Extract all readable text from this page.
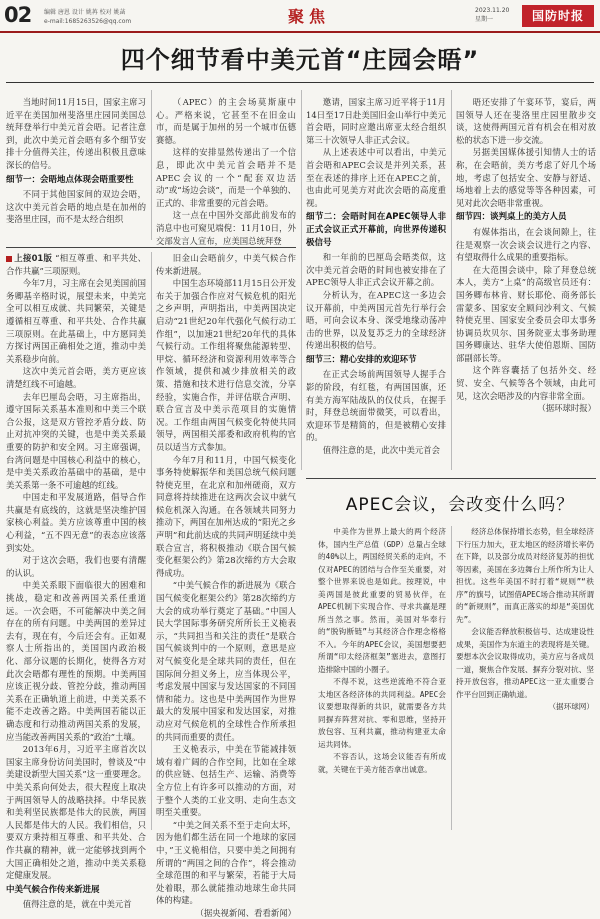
02 编辑 唐恩 设计 姚苒 校对 姚菡
e-mail:1685263526@qq.com	聚焦	2023.11.20
星期一	国防时报
四个细节看中美元首“庄园会晤”

当地时间11月15日，国家主席习近平在美国加州斐洛里庄园同美国总统拜登举行中美元首会晤。记者注意到，此次中美元首会晤有多个细节安排十分值得关注，传递出积极且意味深长的信号。

细节一：会晤地点体现会晤重要性

不同于其他国家间的双边会晤，这次中美元首会晤的地点是在加州的斐洛里庄园，而不是太经合组织

（APEC）的主会场莫斯康中心。严格来说，它甚至不在旧金山市，而是属于加州的另一个城市伍德赛德。

这样的安排显然传递出了一个信息，即此次中美元首会晤并不是APEC会议的一个“配套双边活动”或“场边会谈”，而是一个单独的、正式的、非常重要的元首会晤。

这一点在中国外交部此前发布的消息中也可窥见端倪：11月10日，外交部发言人宣布，应美国总统拜登

邀请，国家主席习近平将于11月14日至17日赴美国旧金山举行中美元首会晤，同时应邀出席亚太经合组织第三十次领导人非正式会议。

从上述表述中可以看出，中美元首会晤和APEC会议是并列关系，甚至在表述的排序上还在APEC之前，也由此可见美方对此次会晤的高度重视。

细节二：会晤时间在APEC领导人非正式会议正式开幕前，向世界传递积极信号

和一年前的巴厘岛会晤类似，这次中美元首会晤的时间也被安排在了APEC领导人非正式会议开幕之前。

分析认为，在APEC这一多边会议开幕前，中美两国元首先行举行会晤，可向会议本身、深受地缘动荡冲击的世界，以及复苏乏力的全球经济传递出积极的信号。

细节三：精心安排的欢迎环节

在正式会场前两国领导人握手合影的阶段，有红毯，有两国国旗，还有美方海军陆战队的仪仗兵，在握手时，拜登总统面带微笑，可以看出，欢迎环节是精简的，但是被精心安排的。

值得注意的是，此次中美元首会

晤还安排了午宴环节，宴后，两国领导人还在斐洛里庄园里散步交谈，这使得两国元首有机会在相对放松的状态下进一步交流。

另据美国媒体援引知情人士的话称，在会晤前，美方考虑了好几个场地，考虑了包括安全、安静与舒适、场地着上去的感觉等等各种因素，可见对此次会晤非常重视。

细节四：谈判桌上的美方人员

有媒体指出，在会谈间隙上，往往是观察一次会谈会议进行之内容、有望取得什么成果的重要指标。

在大范围会谈中，除了拜登总统本人，美方“上桌”的高级官员还有：国务卿布林肯、财长耶伦、商务部长雷蒙多、国家安全顾问沙利文、气候特使克里、国家安全委员会印太事务协调员坎贝尔、国务院亚太事务助理国务卿康达、驻华大使伯恩斯、国防部副部长等。

这个阵容囊括了包括外交、经贸、安全、气候等各个领域，由此可见，这次会晤涉及的内容非常全面。

（据环球时报）

上接01版 “相互尊重、和平共处、合作共赢”三项原则。

今年7月，习主席在会见美国前国务卿基辛格时说，展望未来，中美完全可以相互成就、共同繁荣，关键是遵循相互尊重、和平共处、合作共赢三项原则。在此基础上，中方愿同美方探讨两国正确相处之道，推动中美关系稳步向前。

这次中美元首会晤，美方更应该清楚红线不可逾越。

去年巴厘岛会晤，习主席指出，遵守国际关系基本准则和中美三个联合公报，这是双方管控矛盾分歧、防止对抗冲突的关键，也是中美关系最重要的防护和安全网。习主席强调，台湾问题是中国核心利益中的核心，是中美关系政治基础中的基础，是中美关系第一条不可逾越的红线。

中国走和平发展道路，倡导合作共赢是有底线的，这就是坚决维护国家核心利益。美方应该尊重中国的核心利益，“五不四无意”的表态应该落到实处。

对于这次会晤，我们也要有清醒的认识。

中美关系眼下面临很大的困难和挑战，稳定和改善两国关系任重道远。一次会晤，不可能解决中美之间存在的所有问题。中美两国的差异过去有，现在有，今后还会有。正如观察人士所指出的，美国国内政治极化、部分议题的长期化，使得各方对此次会晤都有理性的预期。中美两国应该正视分歧、管控分歧，推动两国关系在正确轨道上前进，中美关系不能不走改善之路。中美两国若能以正确态度和行动推动两国关系的发展，应当能改善两国关系的“政治”土壤。

2013年6月，习近平主席首次以国家主席身份访问美国时，曾谈及“中美建设新型大国关系”这一重要理念。中美关系向何处去，很大程度上取决于两国领导人的战略抉择。中华民族和美利坚民族都是伟大的民族，两国人民都是伟大的人民。我们相信，只要双方秉持相互尊重、和平共处、合作共赢的精神，就一定能够找到两个大国正确相处之道，推动中美关系稳定健康发展。

中美气候合作传来新进展

值得注意的是，就在中美元首

旧金山会晤前夕，中美气候合作传来新进展。

中国生态环境部11月15日公开发布关于加强合作应对气候危机的阳光之乡声明，声明指出，中美两国决定启动“21世纪20年代强化气候行动工作组”，以加速21世纪20年代的具体气候行动。工作组将聚焦能源转型、甲烷、循环经济和资源利用效率等合作领域，提供和减少排放相关的政策、措施和技术进行信息交流，分享经验，实施合作，并评估联合声明、联合宣言及中美示范项目的实施情况。工作组由两国气候变化特使共同领导，两国相关部委和政府机构的官员以适当方式参加。

今年7月和11月，中国气候变化事务特使解振华和美国总统气候问题特使克里，在北京和加州磋商，双方同意将持续推进在这两次会议中就气候危机深入沟通。在各领域共同努力推动下，两国在加州达成的“阳光之乡声明”和此前达成的共同声明延续中美联合宣言，将积极推动《联合国气候变化框架公约》第28次缔约方大会取得成功。

“中美气候合作的新进展为《联合国气候变化框架公约》第28次缔约方大会的成功举行奠定了基础。”中国人民大学国际事务研究所所长王义桅表示，“共同担当和关注的责任”是联合国气候谈判中的一个原则，意思是应对气候变化是全球共同的责任，但在国际间分担义务上，应当体现公平，考虑发展中国家与发达国家的不同国情和能力。这也是中美两国作为世界最大的发展中国家和发达国家，对推动应对气候危机的全球性合作所承担的共同而重要的责任。

王义桅表示，中美在节能减排领域有着广阔的合作空间，比如在全球的供应链、包括生产、运输、消费等全方位上有许多可以推动的方面，对于整个人类的工业文明、走向生态文明至关重要。

“中美之间关系不至于走向太坏，因为他们都生活在同一个地球的家园中，”王义桅相信，只要中美之间拥有所谓的“两国之间的合作”，将会推动全球范围的和平与繁荣，若能于大局处着眼，那么就能推动地球生命共同体的构建。

（据央视新闻、看看新闻）

APEC会议，会改变什么吗？

中美作为世界上最大的两个经济体，国内生产总值（GDP）总量占全球的40%以上，两国经贸关系的走向，不仅对APEC的团结与合作至关重要，对整个世界来说也是如此。按理说，中美两国是彼此重要的贸易伙伴，在APEC机制下实现合作、寻求共赢是理所当然之事。然而，美国对华奉行的“脱钩断链”与其经济合作理念格格不入。今年的APEC会议，美国想要把所谓“印太经济框架”塞进去，意图打造排除中国的小圈子。

不得不说，这些逆流绝不符合亚太地区各经济体的共同利益。APEC会议要想取得新的共识，就需要各方共同摒弃阵营对抗、零和思维，坚持开放包容、互利共赢，推动构建亚太命运共同体。

不容否认，这场会议能否有所成就，关键在于美方能否拿出诚意。

经济总体保持增长态势，但全球经济下行压力加大，亚太地区的经济增长率仍在下降，以及部分成员对经济复苏的担忧等因素，美国在多边舞台上所作所为让人担忧。这些年美国不时打着“规则”“秩序”的旗号，试图借APEC场合推动其所谓的“新规则”，而真正落实的却是“美国优先”。

会议能否释放积极信号、达成建设性成果，美国作为东道主的表现将是关键。要想本次会议取得成功，美方应与各成员一道，聚焦合作发展、摒弃分裂对抗、坚持开放包容，推动APEC这一亚太重要合作平台回到正确轨道。

（据环球网）
